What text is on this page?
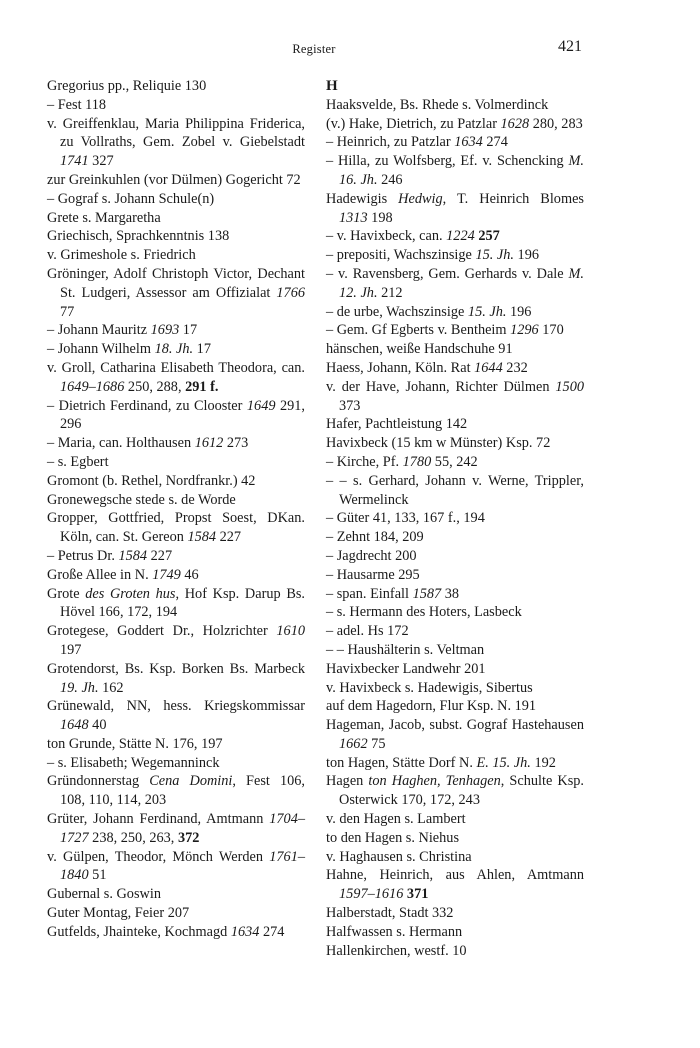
Register	421
Gregorius pp., Reliquie 130
– Fest 118
v. Greiffenklau, Maria Philippina Friderica, zu Vollraths, Gem. Zobel v. Giebelstadt 1741 327
zur Greinkuhlen (vor Dülmen) Gogericht 72
– Gograf s. Johann Schule(n)
Grete s. Margaretha
Griechisch, Sprachkenntnis 138
v. Grimeshole s. Friedrich
Gröninger, Adolf Christoph Victor, Dechant St. Ludgeri, Assessor am Offizialat 1766 77
– Johann Mauritz 1693 17
– Johann Wilhelm 18. Jh. 17
v. Groll, Catharina Elisabeth Theodora, can. 1649–1686 250, 288, 291 f.
– Dietrich Ferdinand, zu Clooster 1649 291, 296
– Maria, can. Holthausen 1612 273
– s. Egbert
Gromont (b. Rethel, Nordfrankr.) 42
Gronewegsche stede s. de Worde
Gropper, Gottfried, Propst Soest, DKan. Köln, can. St. Gereon 1584 227
– Petrus Dr. 1584 227
Große Allee in N. 1749 46
Grote des Groten hus, Hof Ksp. Darup Bs. Hövel 166, 172, 194
Grotegese, Goddert Dr., Holzrichter 1610 197
Grotendorst, Bs. Ksp. Borken Bs. Marbeck 19. Jh. 162
Grünewald, NN, hess. Kriegskommissar 1648 40
ton Grunde, Stätte N. 176, 197
– s. Elisabeth; Wegemanninck
Gründonnerstag Cena Domini, Fest 106, 108, 110, 114, 203
Grüter, Johann Ferdinand, Amtmann 1704–1727 238, 250, 263, 372
v. Gülpen, Theodor, Mönch Werden 1761–1840 51
Gubernal s. Goswin
Guter Montag, Feier 207
Gutfelds, Jhainteke, Kochmagd 1634 274
H
Haaksvelde, Bs. Rhede s. Volmerdinck
(v.) Hake, Dietrich, zu Patzlar 1628 280, 283
– Heinrich, zu Patzlar 1634 274
– Hilla, zu Wolfsberg, Ef. v. Schencking M. 16. Jh. 246
Hadewigis Hedwig, T. Heinrich Blomes 1313 198
– v. Havixbeck, can. 1224 257
– prepositi, Wachszinsige 15. Jh. 196
– v. Ravensberg, Gem. Gerhards v. Dale M. 12. Jh. 212
– de urbe, Wachszinsige 15. Jh. 196
– Gem. Gf Egberts v. Bentheim 1296 170
hänschen, weiße Handschuhe 91
Haess, Johann, Köln. Rat 1644 232
v. der Have, Johann, Richter Dülmen 1500 373
Hafer, Pachtleistung 142
Havixbeck (15 km w Münster) Ksp. 72
– Kirche, Pf. 1780 55, 242
– – s. Gerhard, Johann v. Werne, Trippler, Wermelinck
– Güter 41, 133, 167 f., 194
– Zehnt 184, 209
– Jagdrecht 200
– Hausarme 295
– span. Einfall 1587 38
– s. Hermann des Hoters, Lasbeck
– adel. Hs 172
– – Haushälterin s. Veltman
Havixbecker Landwehr 201
v. Havixbeck s. Hadewigis, Sibertus
auf dem Hagedorn, Flur Ksp. N. 191
Hageman, Jacob, subst. Gograf Hastehausen 1662 75
ton Hagen, Stätte Dorf N. E. 15. Jh. 192
Hagen ton Haghen, Tenhagen, Schulte Ksp. Osterwick 170, 172, 243
v. den Hagen s. Lambert
to den Hagen s. Niehus
v. Haghausen s. Christina
Hahne, Heinrich, aus Ahlen, Amtmann 1597–1616 371
Halberstadt, Stadt 332
Halfwassen s. Hermann
Hallenkirchen, westf. 10
